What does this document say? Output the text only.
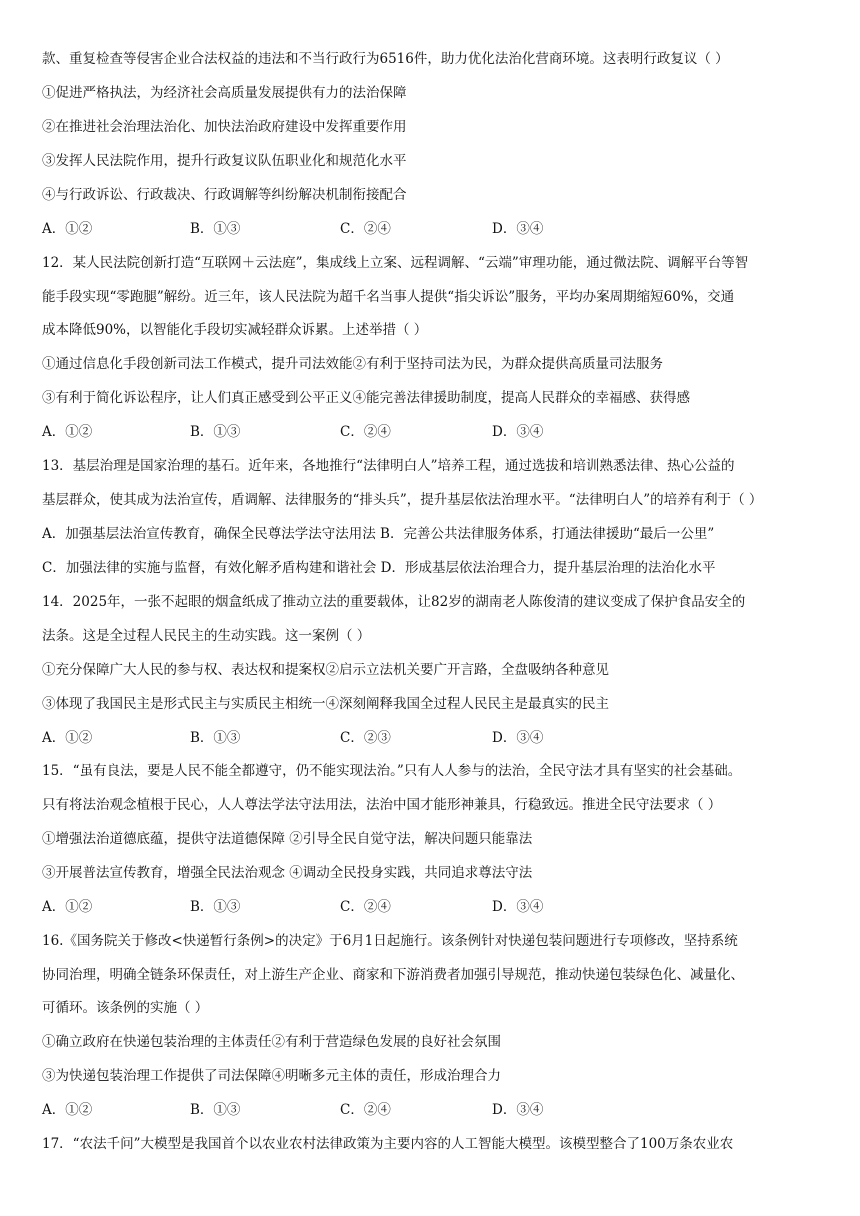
款、重复检查等侵害企业合法权益的违法和不当行政行为6516件，助力优化法治化营商环境。这表明行政复议（ ）
①促进严格执法，为经济社会高质量发展提供有力的法治保障
②在推进社会治理法治化、加快法治政府建设中发挥重要作用
③发挥人民法院作用，提升行政复议队伍职业化和规范化水平
④与行政诉讼、行政裁决、行政调解等纠纷解决机制衔接配合
A．①②	B．①③	C．②④	D．③④
12．某人民法院创新打造“互联网＋云法庭”，集成线上立案、远程调解、“云端”审理功能，通过微法院、调解平台等智
能手段实现“零跑腿”解纷。近三年，该人民法院为超千名当事人提供“指尖诉讼”服务，平均办案周期缩短60%，交通
成本降低90%，以智能化手段切实减轻群众诉累。上述举措（ ）
①通过信息化手段创新司法工作模式，提升司法效能②有利于坚持司法为民，为群众提供高质量司法服务
③有利于简化诉讼程序，让人们真正感受到公平正义④能完善法律援助制度，提高人民群众的幸福感、获得感
A．①②	B．①③	C．②④	D．③④
13．基层治理是国家治理的基石。近年来，各地推行“法律明白人”培养工程，通过选拔和培训熟悉法律、热心公益的
基层群众，使其成为法治宣传，盾调解、法律服务的“排头兵”，提升基层依法治理水平。“法律明白人”的培养有利于（ ）
A．加强基层法治宣传教育，确保全民尊法学法守法用法 B．完善公共法律服务体系，打通法律援助“最后一公里”
C．加强法律的实施与监督，有效化解矛盾构建和谐社会 D．形成基层依法治理合力，提升基层治理的法治化水平
14．2025年，一张不起眼的烟盒纸成了推动立法的重要载体，让82岁的湖南老人陈俊清的建议变成了保护食品安全的
法条。这是全过程人民民主的生动实践。这一案例（ ）
①充分保障广大人民的参与权、表达权和提案权②启示立法机关要广开言路，全盘吸纳各种意见
③体现了我国民主是形式民主与实质民主相统一④深刻阐释我国全过程人民民主是最真实的民主
A．①②	B．①③	C．②③	D．③④
15．“虽有良法，要是人民不能全都遵守，仍不能实现法治。”只有人人参与的法治，全民守法才具有坚实的社会基础。
只有将法治观念植根于民心，人人尊法学法守法用法，法治中国才能形神兼具，行稳致远。推进全民守法要求（ ）
①增强法治道德底蕴，提供守法道德保障 ②引导全民自觉守法，解决问题只能靠法
③开展普法宣传教育，增强全民法治观念 ④调动全民投身实践，共同追求尊法守法
A．①②	B．①③	C．②④	D．③④
16.《国务院关于修改<快递暂行条例>的决定》于6月1日起施行。该条例针对快递包装问题进行专项修改，坚持系统
协同治理，明确全链条环保责任，对上游生产企业、商家和下游消费者加强引导规范，推动快递包装绿色化、减量化、
可循环。该条例的实施（ ）
①确立政府在快递包装治理的主体责任②有利于营造绿色发展的良好社会氛围
③为快递包装治理工作提供了司法保障④明晰多元主体的责任，形成治理合力
A．①②	B．①③	C．②④	D．③④
17．“农法千问”大模型是我国首个以农业农村法律政策为主要内容的人工智能大模型。该模型整合了100万条农业农
